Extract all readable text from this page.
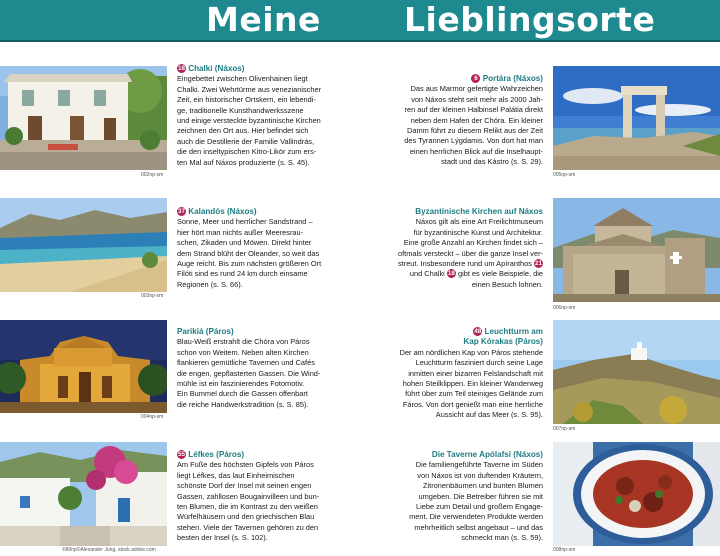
Meine	Lieblingsorte
002np-sm
18 Chalki (Náxos)

Eingebettet zwischen Olivenhainen liegt

Chalki. Zwei Wehrtürme aus venezianischer

Zeit, ein historischer Ortskern, ein lebendi-

ge, traditionelle Kunsthandwerksszene

und einige versteckte byzantinische Kirchen

zeichnen den Ort aus. Hier befindet sich

auch die Destillerie der Familie Vallindrás,

die den inseltypischen Kitro-Likör zum ers-

ten Mal auf Náxos produzierte (s. S. 45).

003np-sm
37 Kalandós (Náxos)

Sonne, Meer und herrlicher Sandstrand –

hier hört man nichts außer Meeresrau-

schen, Zikaden und Möwen. Direkt hinter

dem Strand blüht der Oleander, so weit das

Auge reicht. Bis zum nächsten größeren Ort

Filóti sind es rund 24 km durch einsame

Regionen (s. S. 66).

004np-sm
Parikiá (Páros)

Blau-Weiß erstrahlt die Chóra von Páros

schon von Weitem. Neben alten Kirchen

flankieren gemütliche Tavernen und Cafés

die engen, gepflasterten Gassen. Die Wind-

mühle ist ein faszinierendes Fotomotiv.

Ein Bummel durch die Gassen offenbart

die reiche Handwerkstradition (s. S. 85).

©80np©Alexander Jung, stock.adobe.com
55 Léfkes (Páros)

Am Fuße des höchsten Gipfels von Páros

liegt Léfkes, das laut Einheimischen

schönste Dorf der Insel mit seinen engen

Gassen, zahllosen Bougainvilleen und bun-

ten Blumen, die im Kontrast zu den weißen

Würfelhäusern und den griechischen Blau

stehen. Viele der Tavernen gehören zu den

besten der Insel (s. S. 102).

005np-sm
6 Portára (Náxos)

Das aus Marmor gefertigte Wahrzeichen

von Náxos steht seit mehr als 2000 Jah-

ren auf der kleinen Halbinsel Palátia direkt

neben dem Hafen der Chóra. Ein kleiner

Damm führt zu diesem Relikt aus der Zeit

des Tyrannen Lýgdamis. Von dort hat man

einen herrlichen Blick auf die Inselhaupt-

stadt und das Kástro (s. S. 29).

006np-sm
Byzantinische Kirchen auf Náxos

Náxos gilt als eine Art Freilichtmuseum

für byzantinische Kunst und Architektur.

Eine große Anzahl an Kirchen findet sich –

oftmals versteckt – über die ganze Insel ver-

streut. Insbesondere rund um Apíranthos 21

und Chalki 18 gibt es viele Beispiele, die

einen Besuch lohnen.

007np-sm
48 Leuchtturm am
Kap Kórakas (Páros)

Der am nördlichen Kap von Páros stehende

Leuchtturm fasziniert durch seine Lage

inmitten einer bizarren Felslandschaft mit

hohen Steilklippen. Ein kleiner Wanderweg

führt über zum Teil steiniges Gelände zum

Fáros. Von dort genießt man eine herrliche

Aussicht auf das Meer (s. S. 95).

008np-sm
Die Taverne Apólafsi (Náxos)

Die familiengeführte Taverne im Süden

von Náxos ist von duftenden Kräutern,

Zitronenbäumen und bunten Blumen

umgeben. Die Betreiber führen sie mit

Liebe zum Detail und großem Engage-

ment. Die verwendeten Produkte werden

mehrheitlich selbst angebaut – und das

schmeckt man (s. S. 59).
